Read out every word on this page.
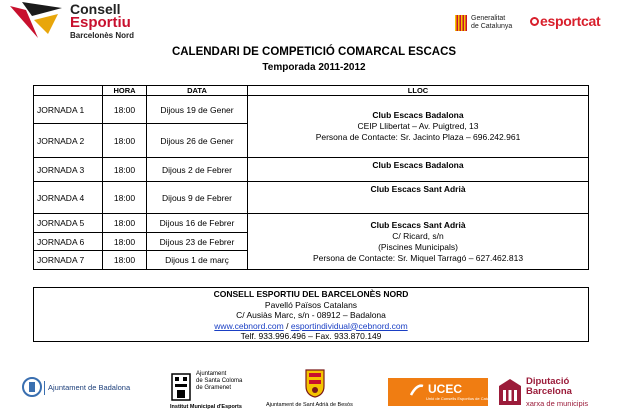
Consell
Esportiu
Barcelonès Nord
Generalitat
de Catalunya	esportcat
CALENDARI DE COMPETICIÓ COMARCAL ESCACS
Temporada 2011-2012
	HORA	DATA	LLOC
JORNADA 1	18:00	Dijous 19 de Gener	Club Escacs Badalona
CEIP Llibertat – Av. Puigtred, 13
Persona de Contacte: Sr. Jacinto Plaza – 696.242.961

JORNADA 2	18:00	Dijous 26 de Gener	
JORNADA 3	18:00	Dijous 2 de Febrer	Club Escacs Badalona
JORNADA 4	18:00	Dijous 9 de Febrer	Club Escacs Sant Adrià
JORNADA 5	18:00	Dijous 16 de Febrer	Club Escacs Sant Adrià
C/ Ricard, s/n
(Piscines Municipals)
Persona de Contacte: Sr. Miquel Tarragó – 627.462.813

JORNADA 6	18:00	Dijous 23 de Febrer	
JORNADA 7	18:00	Dijous 1 de març	
CONSELL ESPORTIU DEL BARCELONÈS NORD
Pavelló Països Catalans
C/ Ausiàs Marc, s/n - 08912 – Badalona
www.cebnord.com / esportindividual@cebnord.com
Telf. 933.996.496 – Fax. 933.870.149
Ajuntament de Badalona
Ajuntament
de Santa Coloma
de Gramenet
Institut Municipal d'Esports	Ajuntament de Sant Adrià de Besòs
UCEC
Unió de Consells Esportius de Catalunya
Diputació
Barcelona
xarxa de municipis
